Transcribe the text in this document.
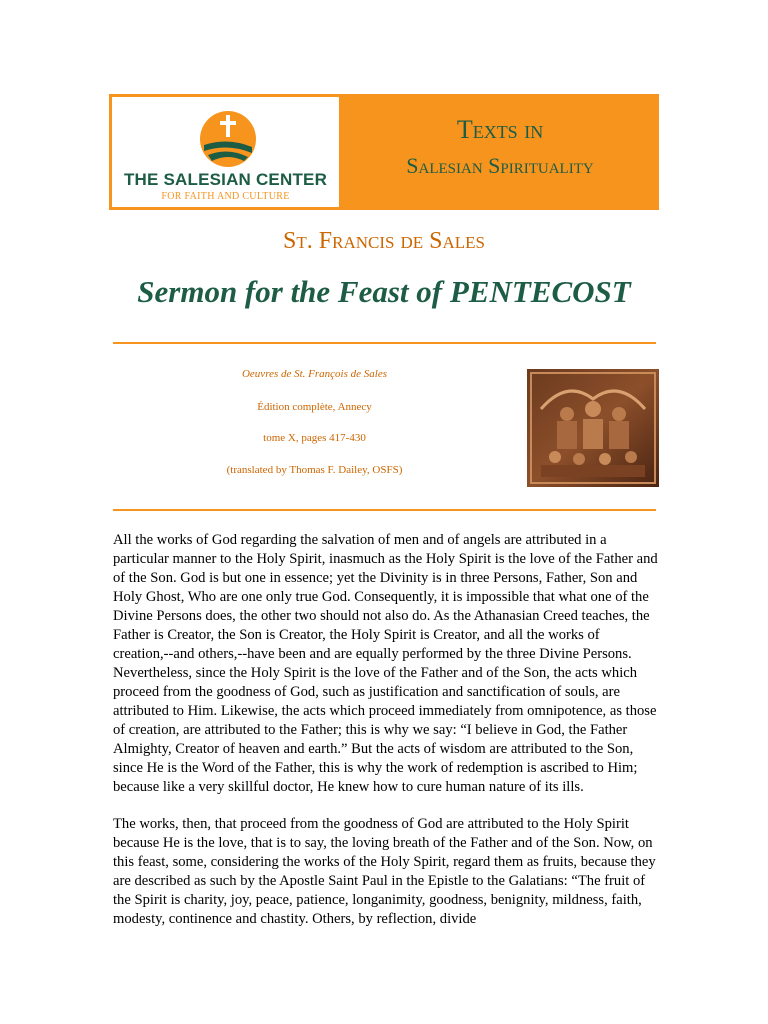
THE SALESIAN CENTER
FOR FAITH AND CULTURE
Texts in
Salesian Spirituality
St. Francis de Sales
Sermon for the Feast of PENTECOST
Oeuvres de St. François de Sales
Édition complète, Annecy
tome X, pages 417-430
(translated by Thomas F. Dailey, OSFS)

All the works of God regarding the salvation of men and of angels are attributed in a particular manner to the Holy Spirit, inasmuch as the Holy Spirit is the love of the Father and of the Son. God is but one in essence; yet the Divinity is in three Persons, Father, Son and Holy Ghost, Who are one only true God. Consequently, it is impossible that what one of the Divine Persons does, the other two should not also do. As the Athanasian Creed teaches, the Father is Creator, the Son is Creator, the Holy Spirit is Creator, and all the works of creation,--and others,--have been and are equally performed by the three Divine Persons. Nevertheless, since the Holy Spirit is the love of the Father and of the Son, the acts which proceed from the goodness of God, such as justification and sanctification of souls, are attributed to Him. Likewise, the acts which proceed immediately from omnipotence, as those of creation, are attributed to the Father; this is why we say: “I believe in God, the Father Almighty, Creator of heaven and earth.” But the acts of wisdom are attributed to the Son, since He is the Word of the Father, this is why the work of redemption is ascribed to Him; because like a very skillful doctor, He knew how to cure human nature of its ills.

The works, then, that proceed from the goodness of God are attributed to the Holy Spirit because He is the love, that is to say, the loving breath of the Father and of the Son. Now, on this feast, some, considering the works of the Holy Spirit, regard them as fruits, because they are described as such by the Apostle Saint Paul in the Epistle to the Galatians: “The fruit of the Spirit is charity, joy, peace, patience, longanimity, goodness, benignity, mildness, faith, modesty, continence and chastity. Others, by reflection, divide
